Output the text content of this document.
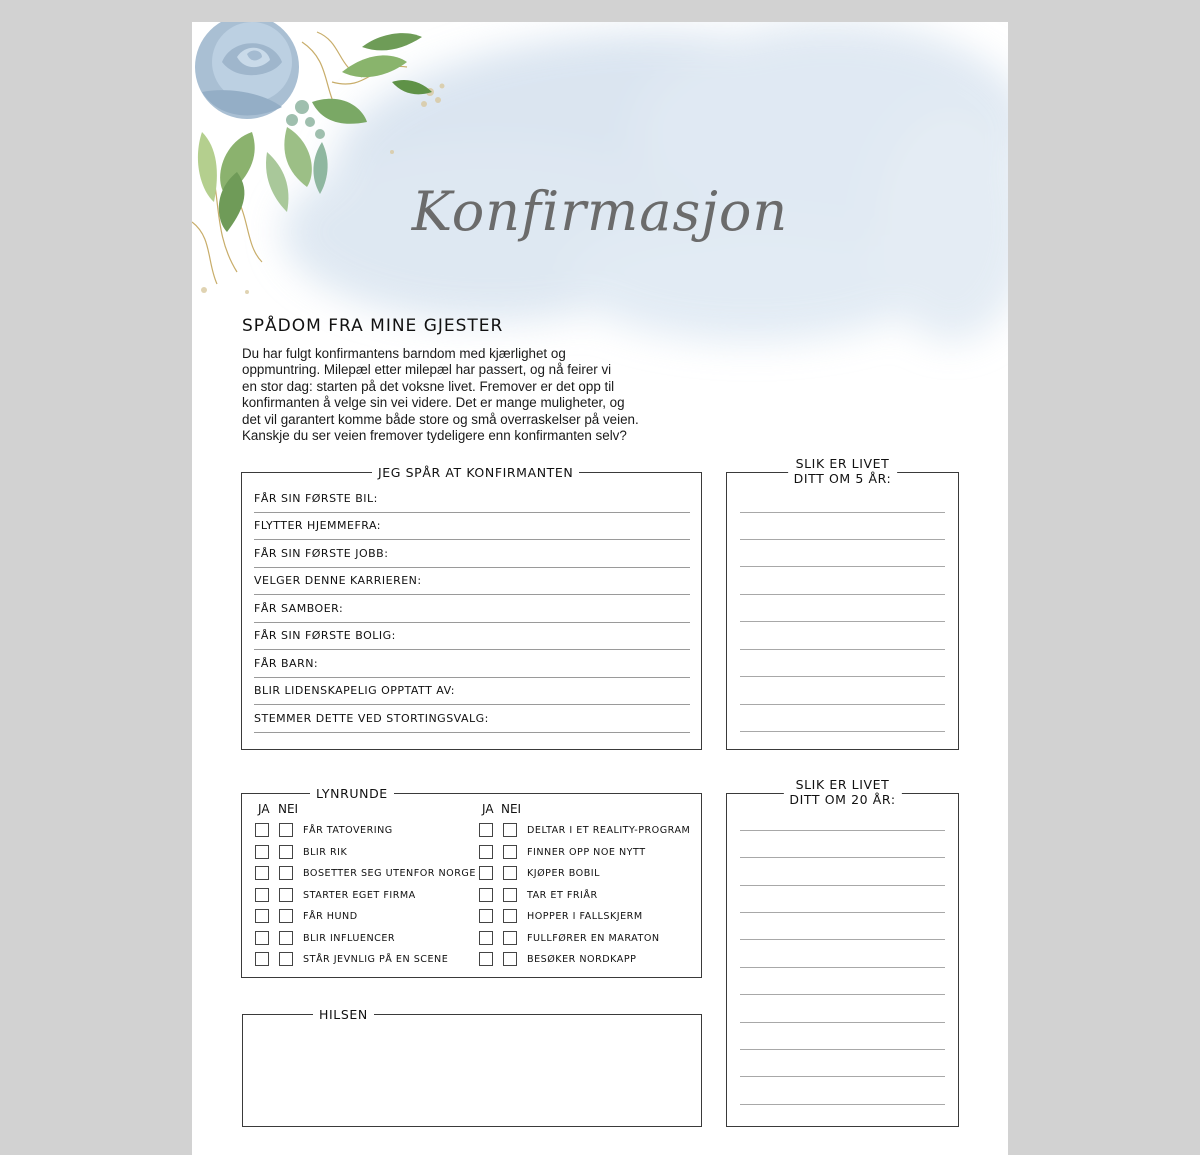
Konfirmasjon
SPÅDOM FRA MINE GJESTER
Du har fulgt konfirmantens barndom med kjærlighet og
oppmuntring. Milepæl etter milepæl har passert, og nå feirer vi
en stor dag: starten på det voksne livet. Fremover er det opp til
konfirmanten å velge sin vei videre. Det er mange muligheter, og
det vil garantert komme både store og små overraskelser på veien.
Kanskje du ser veien fremover tydeligere enn konfirmanten selv?
JEG SPÅR AT KONFIRMANTEN
FÅR SIN FØRSTE BIL:
FLYTTER HJEMMEFRA:
FÅR SIN FØRSTE JOBB:
VELGER DENNE KARRIEREN:
FÅR SAMBOER:
FÅR SIN FØRSTE BOLIG:
FÅR BARN:
BLIR LIDENSKAPELIG OPPTATT AV:
STEMMER DETTE VED STORTINGSVALG:
SLIK ER LIVET
DITT OM 5 ÅR:
LYNRUNDE
JA NEI	JA NEI
FÅR TATOVERING
BLIR RIK
BOSETTER SEG UTENFOR NORGE
STARTER EGET FIRMA
FÅR HUND
BLIR INFLUENCER
STÅR JEVNLIG PÅ EN SCENE
DELTAR I ET REALITY-PROGRAM
FINNER OPP NOE NYTT
KJØPER BOBIL
TAR ET FRIÅR
HOPPER I FALLSKJERM
FULLFØRER EN MARATON
BESØKER NORDKAPP
SLIK ER LIVET
DITT OM 20 ÅR:
HILSEN
